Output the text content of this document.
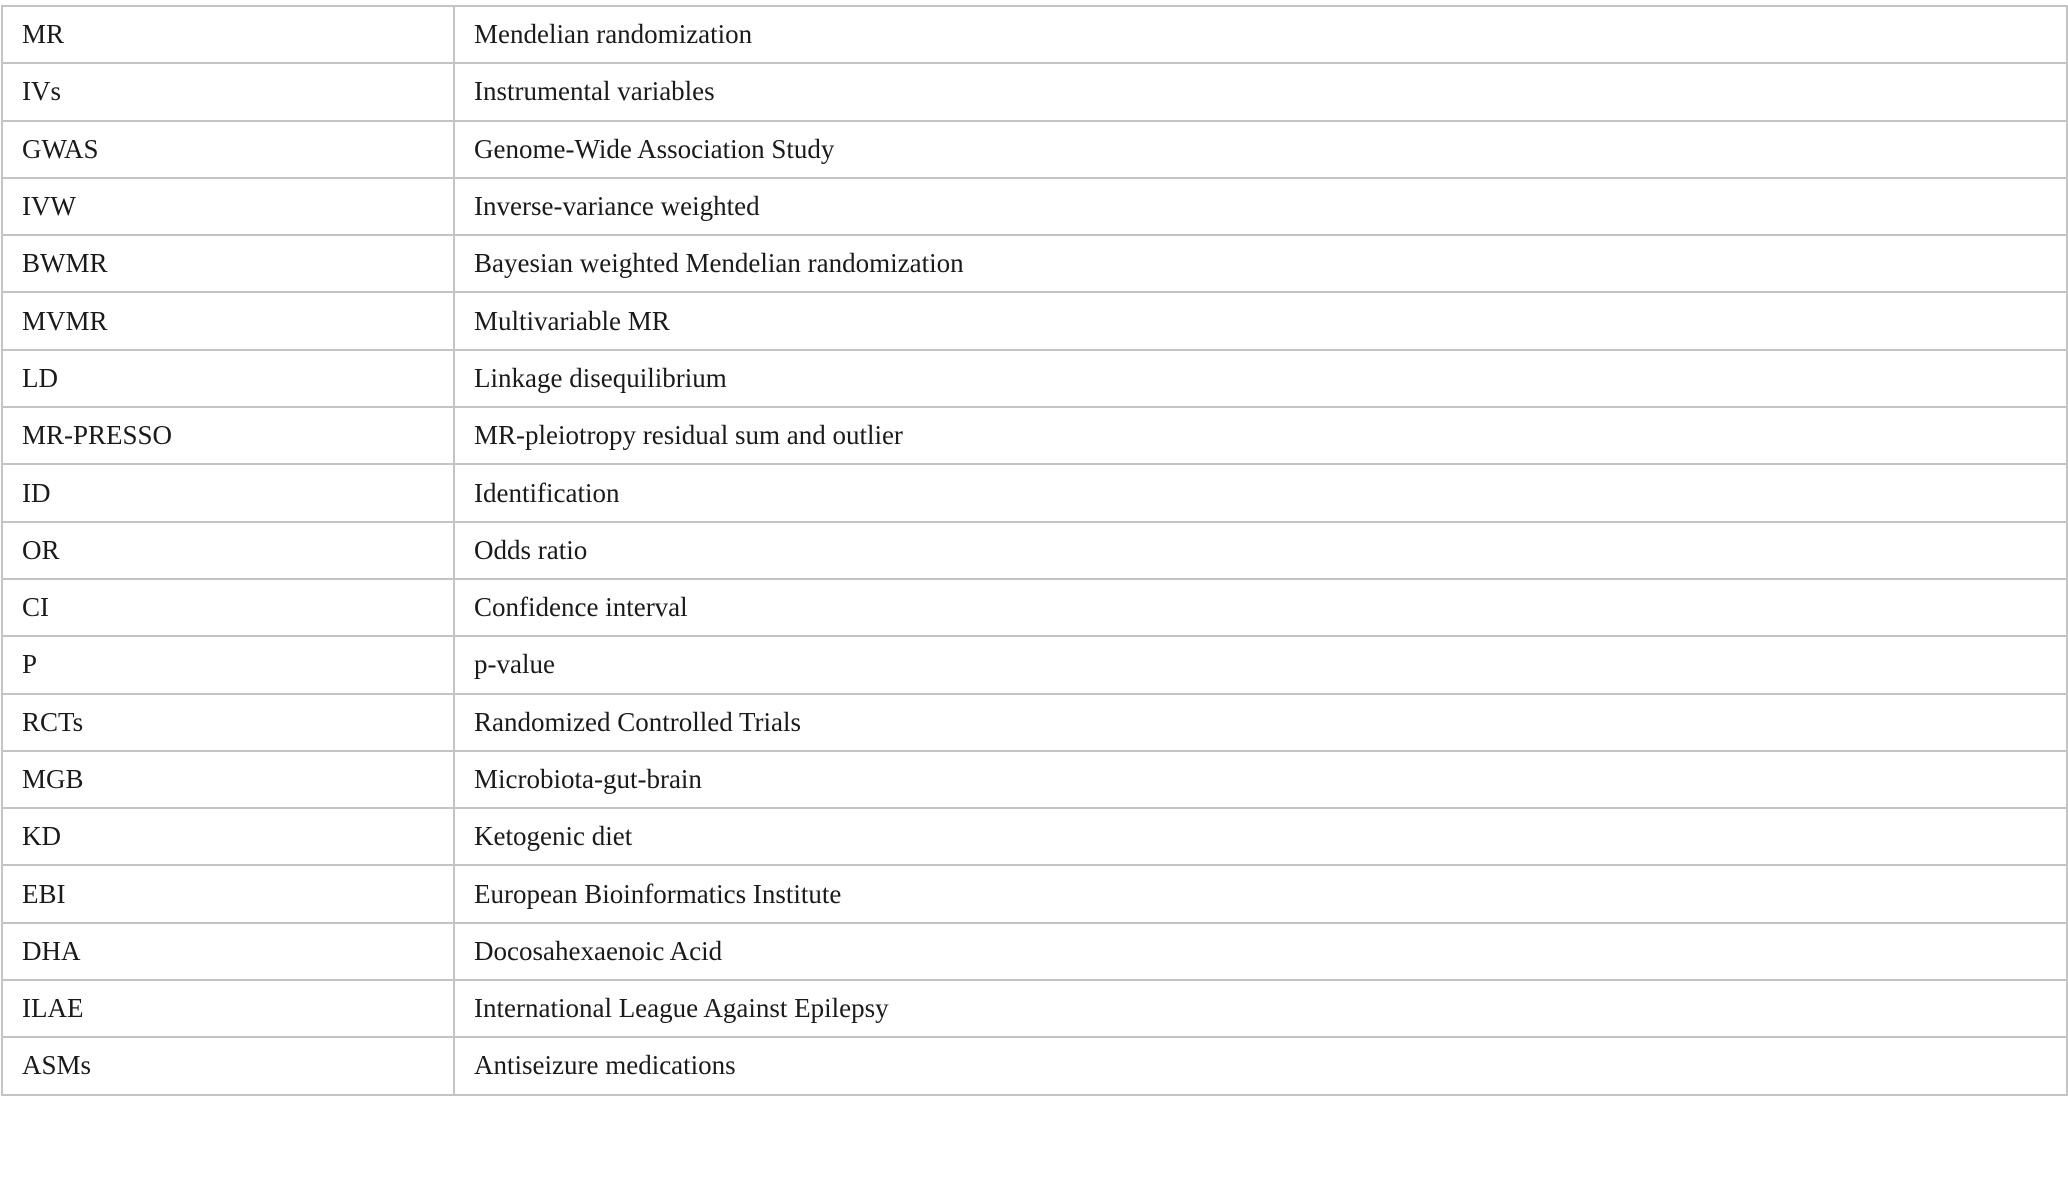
MR	Mendelian randomization
IVs	Instrumental variables
GWAS	Genome-Wide Association Study
IVW	Inverse-variance weighted
BWMR	Bayesian weighted Mendelian randomization
MVMR	Multivariable MR
LD	Linkage disequilibrium
MR-PRESSO	MR-pleiotropy residual sum and outlier
ID	Identification
OR	Odds ratio
CI	Confidence interval
P	p-value
RCTs	Randomized Controlled Trials
MGB	Microbiota-gut-brain
KD	Ketogenic diet
EBI	European Bioinformatics Institute
DHA	Docosahexaenoic Acid
ILAE	International League Against Epilepsy
ASMs	Antiseizure medications
